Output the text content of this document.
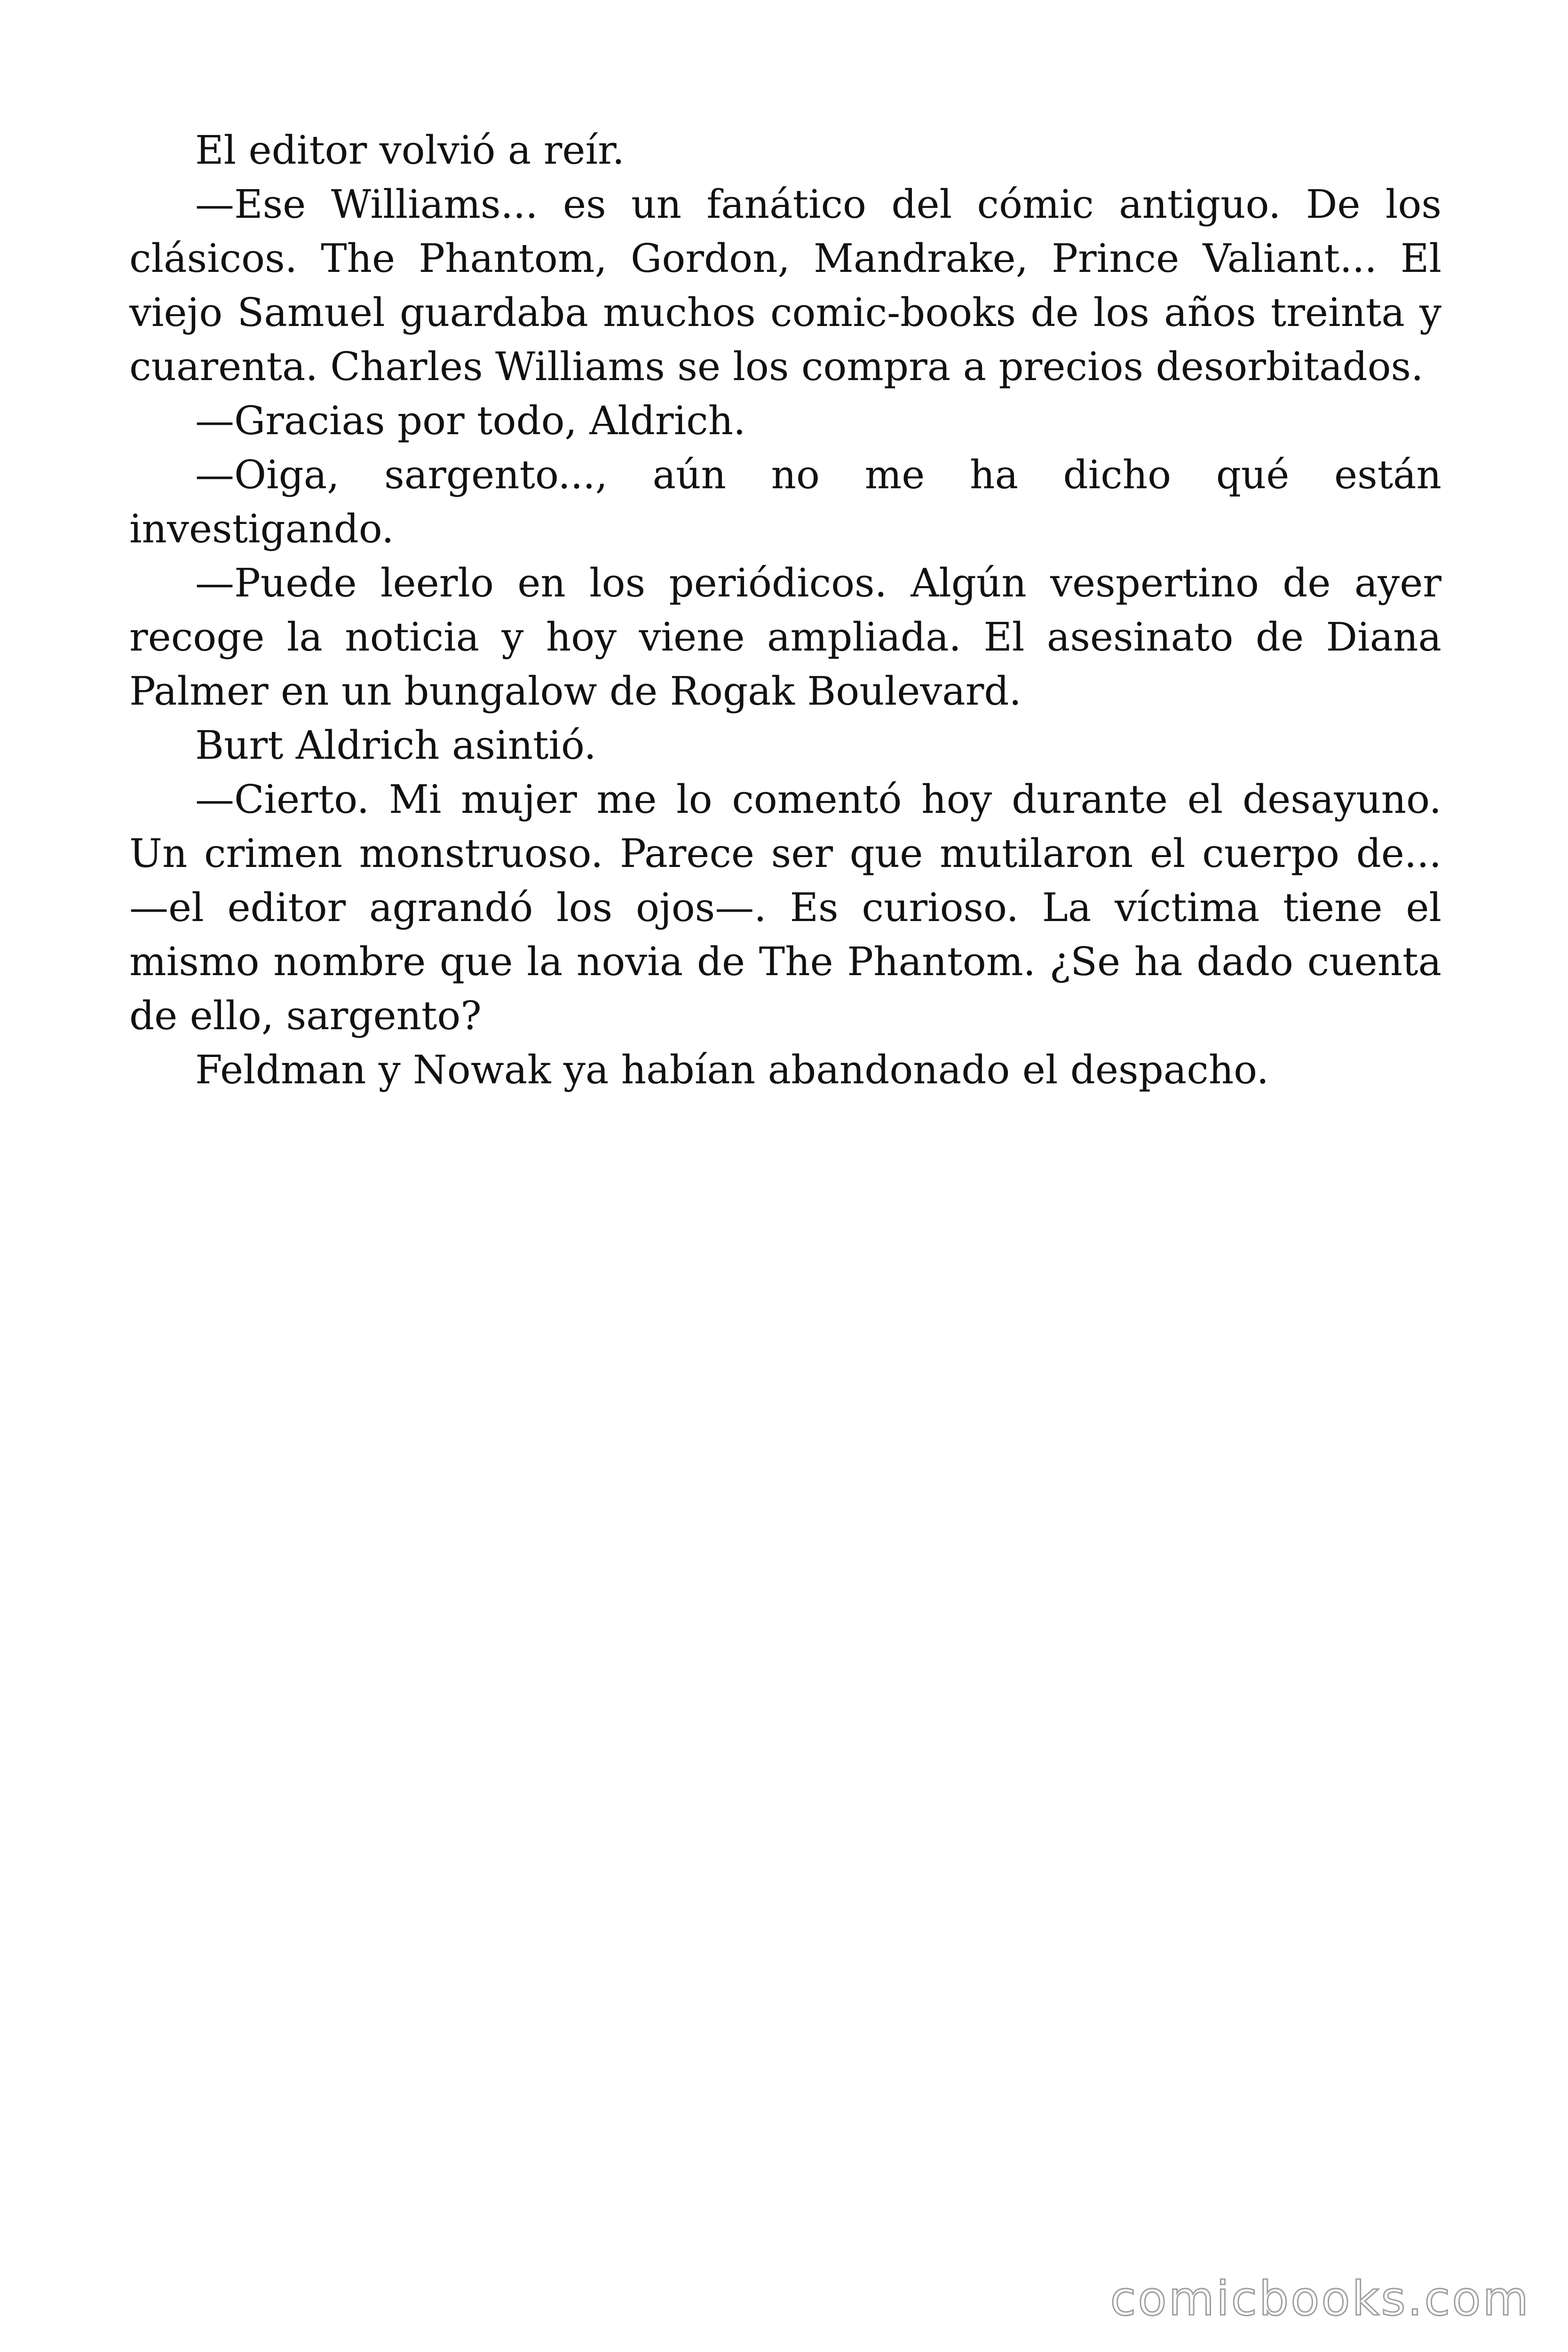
El editor volvió a reír.

—Ese Williams... es un fanático del cómic antiguo. De los clásicos. The Phantom, Gordon, Mandrake, Prince Valiant... El viejo Samuel guardaba muchos comic-books de los años treinta y cuarenta. Charles Williams se los compra a precios desorbitados.

—Gracias por todo, Aldrich.

—Oiga, sargento..., aún no me ha dicho qué están investigando.

—Puede leerlo en los periódicos. Algún vespertino de ayer recoge la noticia y hoy viene ampliada. El asesinato de Diana Palmer en un bungalow de Rogak Boulevard.

Burt Aldrich asintió.

—Cierto. Mi mujer me lo comentó hoy durante el desayuno. Un crimen monstruoso. Parece ser que mutilaron el cuerpo de... —el editor agrandó los ojos—. Es curioso. La víctima tiene el mismo nombre que la novia de The Phantom. ¿Se ha dado cuenta de ello, sargento?

Feldman y Nowak ya habían abandonado el despacho.

comicbooks.com
